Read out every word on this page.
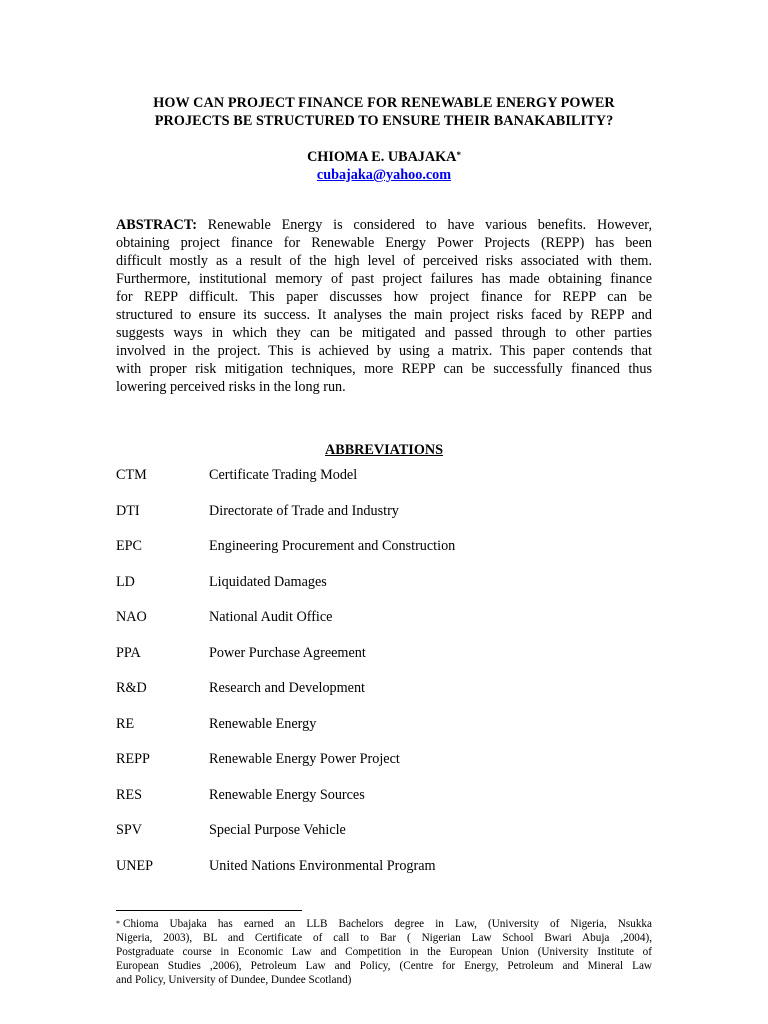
HOW CAN PROJECT FINANCE FOR RENEWABLE ENERGY POWER
PROJECTS BE STRUCTURED TO ENSURE THEIR BANAKABILITY?
CHIOMA E. UBAJAKA*
cubajaka@yahoo.com
ABSTRACT: Renewable Energy is considered to have various benefits. However,
obtaining project finance for Renewable Energy Power Projects (REPP) has been
difficult mostly as a result of the high level of perceived risks associated with them.
Furthermore, institutional memory of past project failures has made obtaining finance
for REPP difficult. This paper discusses how project finance for REPP can be
structured to ensure its success. It analyses the main project risks faced by REPP and
suggests ways in which they can be mitigated and passed through to other parties
involved in the project. This is achieved by using a matrix. This paper contends that
with proper risk mitigation techniques, more REPP can be successfully financed thus
lowering perceived risks in the long run.
ABBREVIATIONS
CTM	Certificate Trading Model
DTI	Directorate of Trade and Industry
EPC	Engineering Procurement and Construction
LD	Liquidated Damages
NAO	National Audit Office
PPA	Power Purchase Agreement
R&D	Research and Development
RE	Renewable Energy
REPP	Renewable Energy Power Project
RES	Renewable Energy Sources
SPV	Special Purpose Vehicle
UNEP	United Nations Environmental Program
* Chioma Ubajaka has earned an LLB Bachelors degree in Law, (University of Nigeria, Nsukka
Nigeria, 2003), BL and Certificate of call to Bar ( Nigerian Law School Bwari Abuja ,2004),
Postgraduate course in Economic Law and Competition in the European Union (University Institute of
European Studies ,2006), Petroleum Law and Policy, (Centre for Energy, Petroleum and Mineral Law
and Policy, University of Dundee, Dundee Scotland)
